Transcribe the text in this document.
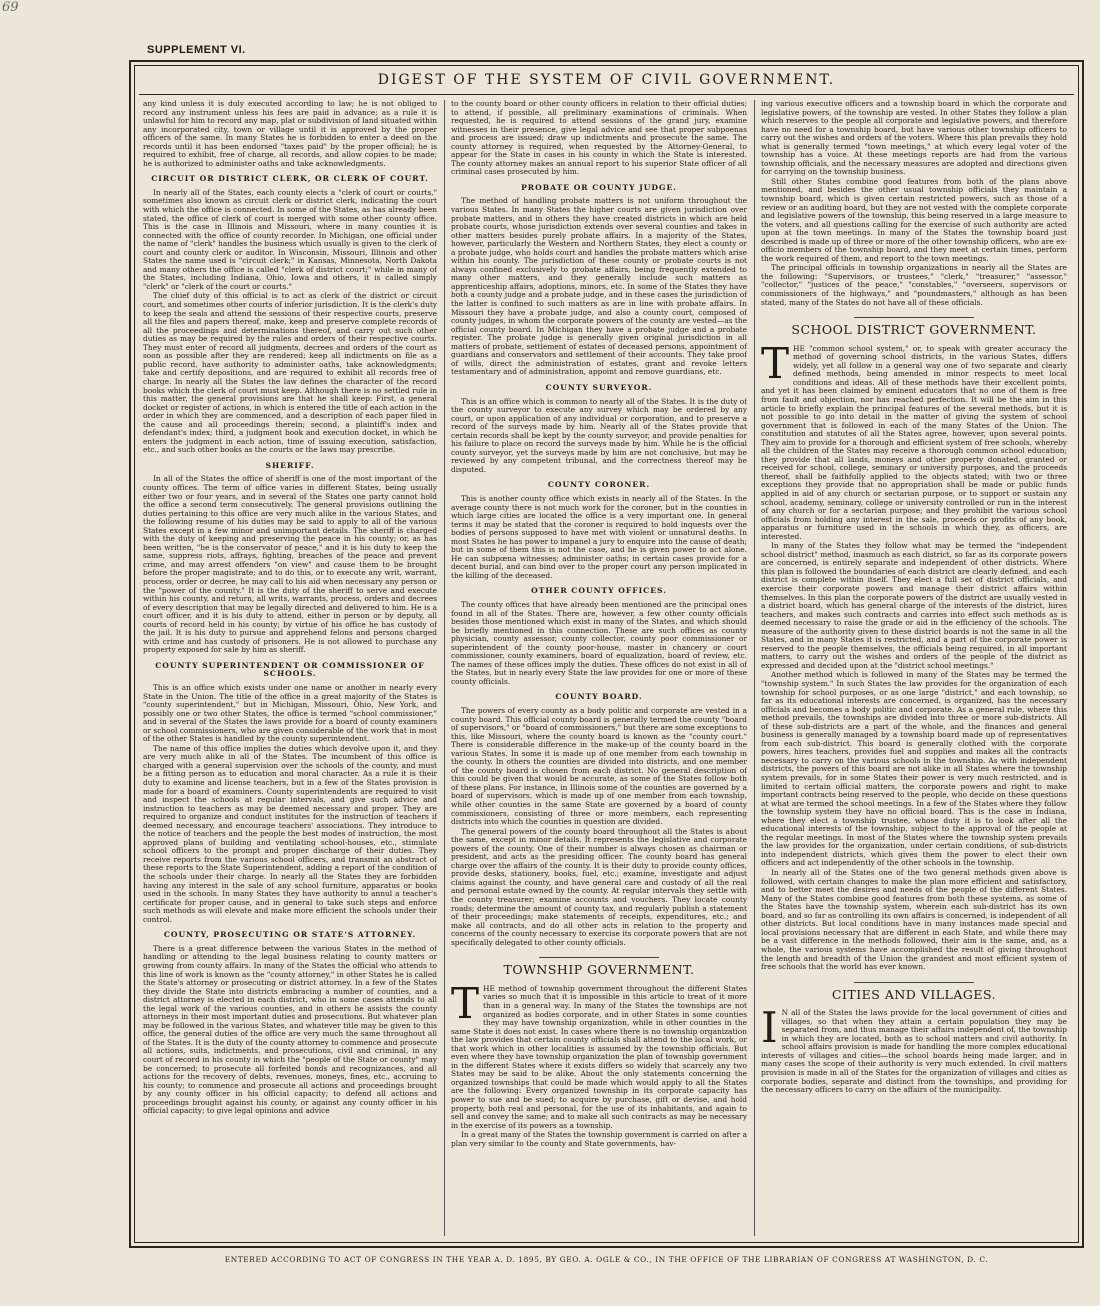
69
SUPPLEMENT VI.
DIGEST OF THE SYSTEM OF CIVIL GOVERNMENT.

any kind unless it is duly executed according to law; he is not obliged to record any instrument unless his fees are paid in advance; as a rule it is unlawful for him to record any map, plat or subdivision of land situated within any incorporated city, town or village until it is approved by the proper officers of the same. In many States he is forbidden to enter a deed on the records until it has been endorsed "taxes paid" by the proper official; he is required to exhibit, free of charge, all records, and allow copies to be made; he is authorized to administer oaths and take acknowledgments.

CIRCUIT OR DISTRICT CLERK, OR CLERK OF COURT.

In nearly all of the States, each county elects a "clerk of court or courts," sometimes also known as circuit clerk or district clerk, indicating the court with which the office is connected. In some of the States, as has already been stated, the office of clerk of court is merged with some other county office. This is the case in Illinois and Missouri, where in many counties it is connected with the office of county recorder. In Michigan, one official under the name of "clerk" handles the business which usually is given to the clerk of court and county clerk or auditor. In Wisconsin, Missouri, Illinois and other States the name used is "circuit clerk;" in Kansas, Minnesota, North Dakota and many others the office is called "clerk of district court;" while in many of the States, including Indiana, Ohio, Iowa and others, it is called simply "clerk" or "clerk of the court or courts."

The chief duty of this official is to act as clerk of the district or circuit court, and sometimes other courts of inferior jurisdiction. It is the clerk's duty to keep the seals and attend the sessions of their respective courts, preserve all the files and papers thereof, make, keep and preserve complete records of all the proceedings and determinations thereof, and carry out such other duties as may be required by the rules and orders of their respective courts. They must enter of record all judgments, decrees and orders of the court as soon as possible after they are rendered; keep all indictments on file as a public record, have authority to administer oaths, take acknowledgments; take and certify depositions, and are required to exhibit all records free of charge. In nearly all the States the law defines the character of the record books which the clerk of court must keep. Although there is no settled rule in this matter, the general provisions are that he shall keep: First, a general docket or register of actions, in which is entered the title of each action in the order in which they are commenced, and a description of each paper filed in the cause and all proceedings therein; second, a plaintiff's index and defendant's index; third, a judgment book and execution docket, in which he enters the judgment in each action, time of issuing execution, satisfaction, etc., and such other books as the courts or the laws may prescribe.

SHERIFF.

In all of the States the office of sheriff is one of the most important of the county offices. The term of office varies in different States, being usually either two or four years, and in several of the States one party cannot hold the office a second term consecutively. The general provisions outlining the duties pertaining to this office are very much alike in the various States, and the following resume of his duties may be said to apply to all of the various States except in a few minor and unimportant details. The sheriff is charged with the duty of keeping and preserving the peace in his county; or, as has been written, "he is the conservator of peace," and it is his duty to keep the same, suppress riots, affrays, fighting, breaches of the peace and prevent crime, and may arrest offenders "on view" and cause them to be brought before the proper magistrate; and to do this, or to execute any writ, warrant, process, order or decree, he may call to his aid when necessary any person or the "power of the county." It is the duty of the sheriff to serve and execute within his county, and return, all writs, warrants, process, orders and decrees of every description that may be legally directed and delivered to him. He is a court officer, and it is his duty to attend, either in person or by deputy, all courts of record held in his county; by virtue of his office he has custody of the jail. It is his duty to pursue and apprehend felons and persons charged with crime and has custody of prisoners. He is not allowed to purchase any property exposed for sale by him as sheriff.

COUNTY SUPERINTENDENT OR COMMISSIONER OF SCHOOLS.

This is an office which exists under one name or another in nearly every State in the Union. The title of the office in a great majority of the States is "county superintendent," but in Michigan, Missouri, Ohio, New York, and possibly one or two other States, the office is termed "school commissioner," and in several of the States the laws provide for a board of county examiners or school commissioners, who are given considerable of the work that in most of the other States is handled by the county superintendent.

The name of this office implies the duties which devolve upon it, and they are very much alike in all of the States. The incumbent of this office is charged with a general supervision over the schools of the county, and must be a fitting person as to education and moral character. As a rule it is their duty to examine and license teachers, but in a few of the States provision is made for a board of examiners. County superintendents are required to visit and inspect the schools at regular intervals, and give such advice and instruction to teachers as may be deemed necessary and proper. They are required to organize and conduct institutes for the instruction of teachers if deemed necessary, and encourage teachers' associations. They introduce to the notice of teachers and the people the best modes of instruction, the most approved plans of building and ventilating school-houses, etc., stimulate school officers to the prompt and proper discharge of their duties. They receive reports from the various school officers, and transmit an abstract of these reports to the State Superintendent, adding a report of the condition of the schools under their charge. In nearly all the States they are forbidden having any interest in the sale of any school furniture, apparatus or books used in the schools. In many States they have authority to annul a teacher's certificate for proper cause, and in general to take such steps and enforce such methods as will elevate and make more efficient the schools under their control.

COUNTY, PROSECUTING OR STATE'S ATTORNEY.

There is a great difference between the various States in the method of handling or attending to the legal business relating to county matters or growing from county affairs. In many of the States the official who attends to this line of work is known as the "county attorney," in other States he is called the State's attorney or prosecuting or district attorney. In a few of the States they divide the State into districts embracing a number of counties, and a district attorney is elected in each district, who in some cases attends to all the legal work of the various counties, and in others he assists the county attorneys in their most important duties and prosecutions. But whatever plan may be followed in the various States, and whatever title may be given to this office, the general duties of the office are very much the same throughout all of the States. It is the duty of the county attorney to commence and prosecute all actions, suits, indictments, and prosecutions, civil and criminal, in any court of record in his county in which the "people of the State or county" may be concerned; to prosecute all forfeited bonds and recognizances, and all actions for the recovery of debts, revenues, moneys, fines, etc., accruing to his county; to commence and prosecute all actions and proceedings brought by any county officer in his official capacity; to defend all actions and proceedings brought against his county, or against any county officer in his official capacity; to give legal opinions and advice

to the county board or other county officers in relation to their official duties; to attend, if possible, all preliminary examinations of criminals. When requested, he is required to attend sessions of the grand jury, examine witnesses in their presence, give legal advice and see that proper subpoenas and process are issued; draw up indictments and prosecute the same. The county attorney is required, when requested by the Attorney-General, to appear for the State in cases in his county in which the State is interested. The county attorney makes an annual report to his superior State officer of all criminal cases prosecuted by him.

PROBATE OR COUNTY JUDGE.

The method of handling probate matters is not uniform throughout the various States. In many States the higher courts are given jurisdiction over probate matters, and in others they have created districts in which are held probate courts, whose jurisdiction extends over several counties and takes in other matters besides purely probate affairs. In a majority of the States, however, particularly the Western and Northern States, they elect a county or a probate judge, who holds court and handles the probate matters which arise within his county. The jurisdiction of these county or probate courts is not always confined exclusively to probate affairs, being frequently extended to many other matters, and they generally include such matters as apprenticeship affairs, adoptions, minors, etc. In some of the States they have both a county judge and a probate judge, and in these cases the jurisdiction of the latter is confined to such matters as are in line with probate affairs. In Missouri they have a probate judge, and also a county court, composed of county judges, in whom the corporate powers of the county are vested—as the official county board. In Michigan they have a probate judge and a probate register. The probate judge is generally given original jurisdiction in all matters of probate, settlement of estates of deceased persons, appointment of guardians and conservators and settlement of their accounts. They take proof of wills, direct the administration of estates, grant and revoke letters testamentary and of administration, appoint and remove guardians, etc.

COUNTY SURVEYOR.

This is an office which is common to nearly all of the States. It is the duty of the county surveyor to execute any survey which may be ordered by any court, or upon application of any individual or corporation, and to preserve a record of the surveys made by him. Nearly all of the States provide that certain records shall be kept by the county surveyor, and provide penalties for his failure to place on record the surveys made by him. While he is the official county surveyor, yet the surveys made by him are not conclusive, but may be reviewed by any competent tribunal, and the correctness thereof may be disputed.

COUNTY CORONER.

This is another county office which exists in nearly all of the States. In the average county there is not much work for the coroner, but in the counties in which large cities are located the office is a very important one. In general terms it may be stated that the coroner is required to hold inquests over the bodies of persons supposed to have met with violent or unnatural deaths. In most States he has power to impanel a jury to enquire into the cause of death; but in some of them this is not the case, and he is given power to act alone. He can subpœna witnesses; administer oaths; in certain cases provide for a decent burial, and can bind over to the proper court any person implicated in the killing of the deceased.

OTHER COUNTY OFFICES.

The county offices that have already been mentioned are the principal ones found in all of the States. There are, however, a few other county officials besides those mentioned which exist in many of the States, and which should be briefly mentioned in this connection. These are such offices as county physician, county assessor, county collector, county poor commissioner or superintendent of the county poor-house, master in chancery or court commissioner, county examiners, board of equalization, board of review, etc. The names of these offices imply the duties. These offices do not exist in all of the States, but in nearly every State the law provides for one or more of these county officials.

COUNTY BOARD.

The powers of every county as a body politic and corporate are vested in a county board. This official county board is generally termed the county "board of supervisors," or "board of commissioners," but there are some exceptions to this, like Missouri, where the county board is known as the "county court." There is considerable difference in the make-up of the county board in the various States. In some it is made up of one member from each township in the county. In others the counties are divided into districts, and one member of the county board is chosen from each district. No general description of this could be given that would be accurate, as some of the States follow both of these plans. For instance, in Illinois some of the counties are governed by a board of supervisors, which is made up of one member from each township, while other counties in the same State are governed by a board of county commissioners, consisting of three or more members, each representing districts into which the counties in question are divided.

The general powers of the county board throughout all the States is about the same, except in minor details. It represents the legislative and corporate powers of the county. One of their number is always chosen as chairman or president, and acts as the presiding officer. The county board has general charge over the affairs of the county. It is their duty to provide county offices, provide desks, stationery, books, fuel, etc.; examine, investigate and adjust claims against the county, and have general care and custody of all the real and personal estate owned by the county. At regular intervals they settle with the county treasurer; examine accounts and vouchers. They locate county roads; determine the amount of county tax, and regularly publish a statement of their proceedings; make statements of receipts, expenditures, etc.; and make all contracts, and do all other acts in relation to the property and concerns of the county necessary to exercise its corporate powers that are not specifically delegated to other county officials.

TOWNSHIP GOVERNMENT.

THE method of township government throughout the different States varies so much that it is impossible in this article to treat of it more than in a general way. In many of the States the townships are not organized as bodies corporate, and in other States in some counties they may have township organization, while in other counties in the same State it does not exist. In cases where there is no township organization the law provides that certain county officials shall attend to the local work, or that work which in other localities is assumed by the township officials. But even where they have township organization the plan of township government in the different States where it exists differs so widely that scarcely any two States may be said to be alike. About the only statements concerning the organized townships that could be made which would apply to all the States are the following: Every organized township in its corporate capacity has power to sue and be sued; to acquire by purchase, gift or devise, and hold property, both real and personal, for the use of its inhabitants, and again to sell and convey the same; and to make all such contracts as may be necessary in the exercise of its powers as a township.

In a great many of the States the township government is carried on after a plan very similar to the county and State governments, hav-

ing various executive officers and a township board in which the corporate and legislative powers, of the township are vested. In other States they follow a plan which reserves to the people all corporate and legislative powers, and therefore have no need for a township board, but have various other township officers to carry out the wishes and orders of the voters. Where this plan prevails they hold what is generally termed "town meetings," at which every legal voter of the township has a voice. At these meetings reports are had from the various township officials, and the necessary measures are adopted and directions given for carrying on the township business.

Still other States combine good features from both of the plans above mentioned, and besides the other usual township officials they maintain a township board, which is given certain restricted powers, such as those of a review or an auditing board, but they are not vested with the complete corporate and legislative powers of the township, this being reserved in a large measure to the voters, and all questions calling for the exercise of such authority are acted upon at the town meetings. In many of the States the township board just described is made up of three or more of the other township officers, who are ex-officio members of the township board, and they meet at certain times, perform the work required of them, and report to the town meetings.

The principal officials in township organizations in nearly all the States are the following: "Supervisors, or trustees," "clerk," "treasurer," "assessor," "collector," "justices of the peace," "constables," "overseers, supervisors or commissioners of the highways," and "poundmasters," although as has been stated, many of the States do not have all of these officials.

SCHOOL DISTRICT GOVERNMENT.

THE "common school system," or, to speak with greater accuracy the method of governing school districts, in the various States, differs widely, yet all follow in a general way one of two separate and clearly defined methods, being amended in minor respects to meet local conditions and ideas. All of these methods have their excellent points, and yet it has been claimed by eminent educators that no one of them is free from fault and objection, nor has reached perfection. It will be the aim in this article to briefly explain the principal features of the several methods, but it is not possible to go into detail in the matter of giving the system of school government that is followed in each of the many States of the Union. The constitution and statutes of all the States agree, however, upon several points. They aim to provide for a thorough and efficient system of free schools, whereby all the children of the States may receive a thorough common school education; they provide that all lands, moneys and other property donated, granted or received for school, college, seminary or university purposes, and the proceeds thereof, shall be faithfully applied to the objects stated; with two or three exceptions they provide that no appropriation shall be made or public funds applied in aid of any church or sectarian purpose, or to support or sustain any school, academy, seminary, college or university controlled or run in the interest of any church or for a sectarian purpose; and they prohibit the various school officials from holding any interest in the sale, proceeds or profits of any book, apparatus or furniture used in the schools in which they, as officers, are interested.

In many of the States they follow what may be termed the "independent school district" method, inasmuch as each district, so far as its corporate powers are concerned, is entirely separate and independent of other districts. Where this plan is followed the boundaries of each district are clearly defined, and each district is complete within itself. They elect a full set of district officials, and exercise their corporate powers and manage their district affairs within themselves. In this plan the corporate powers of the district are usually vested in a district board, which has general charge of the interests of the district, hires teachers, and makes such contracts and carries into effect such methods as is deemed necessary to raise the grade or aid in the efficiency of the schools. The measure of the authority given to these district boards is not the same in all the States, and in many States it is restricted, and a part of the corporate power is reserved to the people themselves, the officials being required, in all important matters, to carry out the wishes and orders of the people of the district as expressed and decided upon at the "district school meetings."

Another method which is followed in many of the States may be termed the "township system." In such States the law provides for the organization of each township for school purposes, or as one large "district," and each township, so far as its educational interests are concerned, is organized, has the necessary officials and becomes a body politic and corporate. As a general rule, where this method prevails, the townships are divided into three or more sub-districts. All of these sub-districts are a part of the whole, and the finances and general business is generally managed by a township board made up of representatives from each sub-district. This board is generally clothed with the corporate powers, hires teachers, provides fuel and supplies and makes all the contracts necessary to carry on the various schools in the township. As with independent districts, the powers of this board are not alike in all States where the township system prevails, for in some States their power is very much restricted, and is limited to certain official matters, the corporate powers and right to make important contracts being reserved to the people, who decide on these questions at what are termed the school meetings. In a few of the States where they follow the township system they have no official board. This is the case in Indiana, where they elect a township trustee, whose duty it is to look after all the educational interests of the township, subject to the approval of the people at the regular meetings. In most of the States where the township system prevails the law provides for the organization, under certain conditions, of sub-districts into independent districts, which gives them the power to elect their own officers and act independently of the other schools in the township.

In nearly all of the States one of the two general methods given above is followed, with certain changes to make the plan more efficient and satisfactory, and to better meet the desires and needs of the people of the different States. Many of the States combine good features from both these systems, as some of the States have the township system, wherein each sub-district has its own board, and so far as controlling its own affairs is concerned, is independent of all other districts. But local conditions have in many instances made special and local provisions necessary that are different in each State, and while there may be a vast difference in the methods followed, their aim is the same, and, as a whole, the various systems have accomplished the result of giving throughout the length and breadth of the Union the grandest and most efficient system of free schools that the world has ever known.

CITIES AND VILLAGES.

I N all of the States the laws provide for the local government of cities and villages, so that when they attain a certain population they may be separated from, and thus manage their affairs independent of, the township in which they are located, both as to school matters and civil authority. In school affairs provision is made for handling the more complex educational interests of villages and cities—the school boards being made larger, and in many cases the scope of their authority is very much extended. In civil matters provision is made in all of the States for the organization of villages and cities as corporate bodies, separate and distinct from the townships, and providing for the necessary officers to carry on the affairs of the municipality.

ENTERED ACCORDING TO ACT OF CONGRESS IN THE YEAR A. D. 1895, BY GEO. A. OGLE & CO., IN THE OFFICE OF THE LIBRARIAN OF CONGRESS AT WASHINGTON, D. C.
